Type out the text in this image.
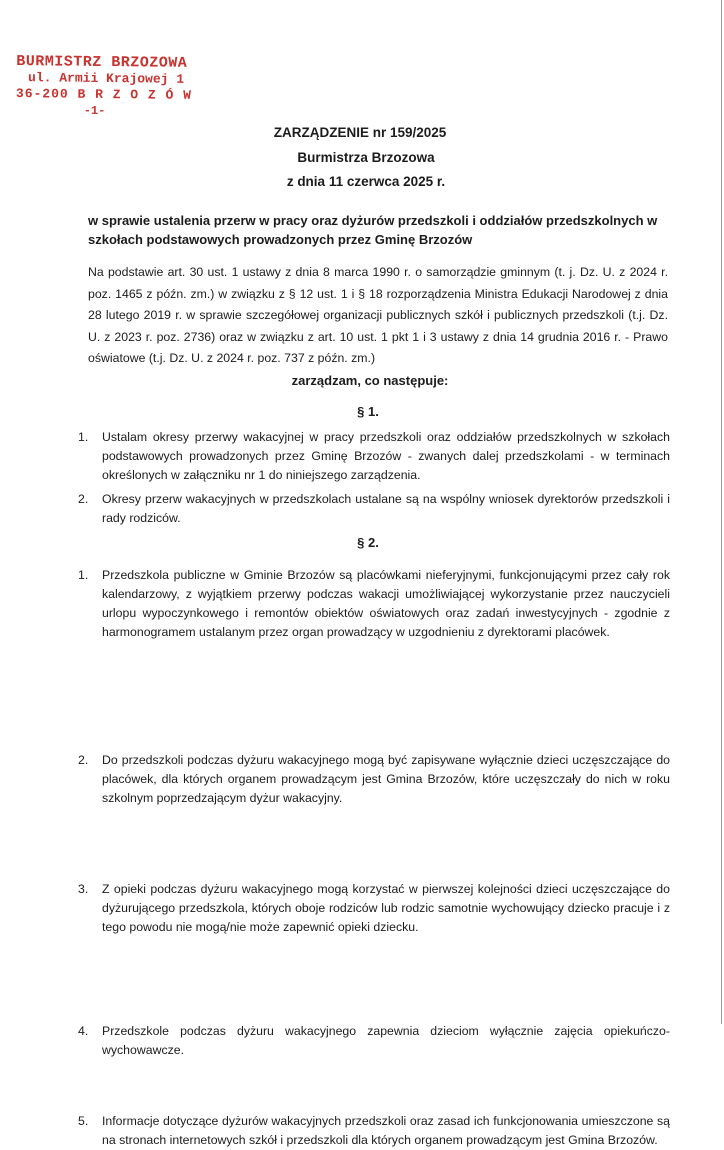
BURMISTRZ BRZOZOWA
ul. Armii Krajowej 1
36-200 B R Z O Z Ó W
-1-
ZARZĄDZENIE nr 159/2025
Burmistrza Brzozowa
z dnia 11 czerwca 2025 r.
w sprawie ustalenia przerw w pracy oraz dyżurów przedszkoli i oddziałów przedszkolnych w szkołach podstawowych prowadzonych przez Gminę Brzozów
Na podstawie art. 30 ust. 1 ustawy z dnia 8 marca 1990 r. o samorządzie gminnym (t. j. Dz. U. z 2024 r. poz. 1465 z późn. zm.) w związku z § 12 ust. 1 i § 18 rozporządzenia Ministra Edukacji Narodowej z dnia 28 lutego 2019 r. w sprawie szczegółowej organizacji publicznych szkół i publicznych przedszkoli (t.j. Dz. U. z 2023 r. poz. 2736) oraz w związku z art. 10 ust. 1 pkt 1 i 3 ustawy z dnia 14 grudnia 2016 r. - Prawo oświatowe (t.j. Dz. U. z 2024 r. poz. 737 z późn. zm.)
zarządzam, co następuje:
§ 1.
1. Ustalam okresy przerwy wakacyjnej w pracy przedszkoli oraz oddziałów przedszkolnych w szkołach podstawowych prowadzonych przez Gminę Brzozów - zwanych dalej przedszkolami - w terminach określonych w załączniku nr 1 do niniejszego zarządzenia.
2. Okresy przerw wakacyjnych w przedszkolach ustalane są na wspólny wniosek dyrektorów przedszkoli i rady rodziców.
§ 2.
1. Przedszkola publiczne w Gminie Brzozów są placówkami nieferyjnymi, funkcjonującymi przez cały rok kalendarzowy, z wyjątkiem przerwy podczas wakacji umożliwiającej wykorzystanie przez nauczycieli urlopu wypoczynkowego i remontów obiektów oświatowych oraz zadań inwestycyjnych - zgodnie z harmonogramem ustalanym przez organ prowadzący w uzgodnieniu z dyrektorami placówek.
2. Do przedszkoli podczas dyżuru wakacyjnego mogą być zapisywane wyłącznie dzieci uczęszczające do placówek, dla których organem prowadzącym jest Gmina Brzozów, które uczęszczały do nich w roku szkolnym poprzedzającym dyżur wakacyjny.
3. Z opieki podczas dyżuru wakacyjnego mogą korzystać w pierwszej kolejności dzieci uczęszczające do dyżurującego przedszkola, których oboje rodziców lub rodzic samotnie wychowujący dziecko pracuje i z tego powodu nie mogą/nie może zapewnić opieki dziecku.
4. Przedszkole podczas dyżuru wakacyjnego zapewnia dzieciom wyłącznie zajęcia opiekuńczo-wychowawcze.
5. Informacje dotyczące dyżurów wakacyjnych przedszkoli oraz zasad ich funkcjonowania umieszczone są na stronach internetowych szkół i przedszkoli dla których organem prowadzącym jest Gmina Brzozów.
